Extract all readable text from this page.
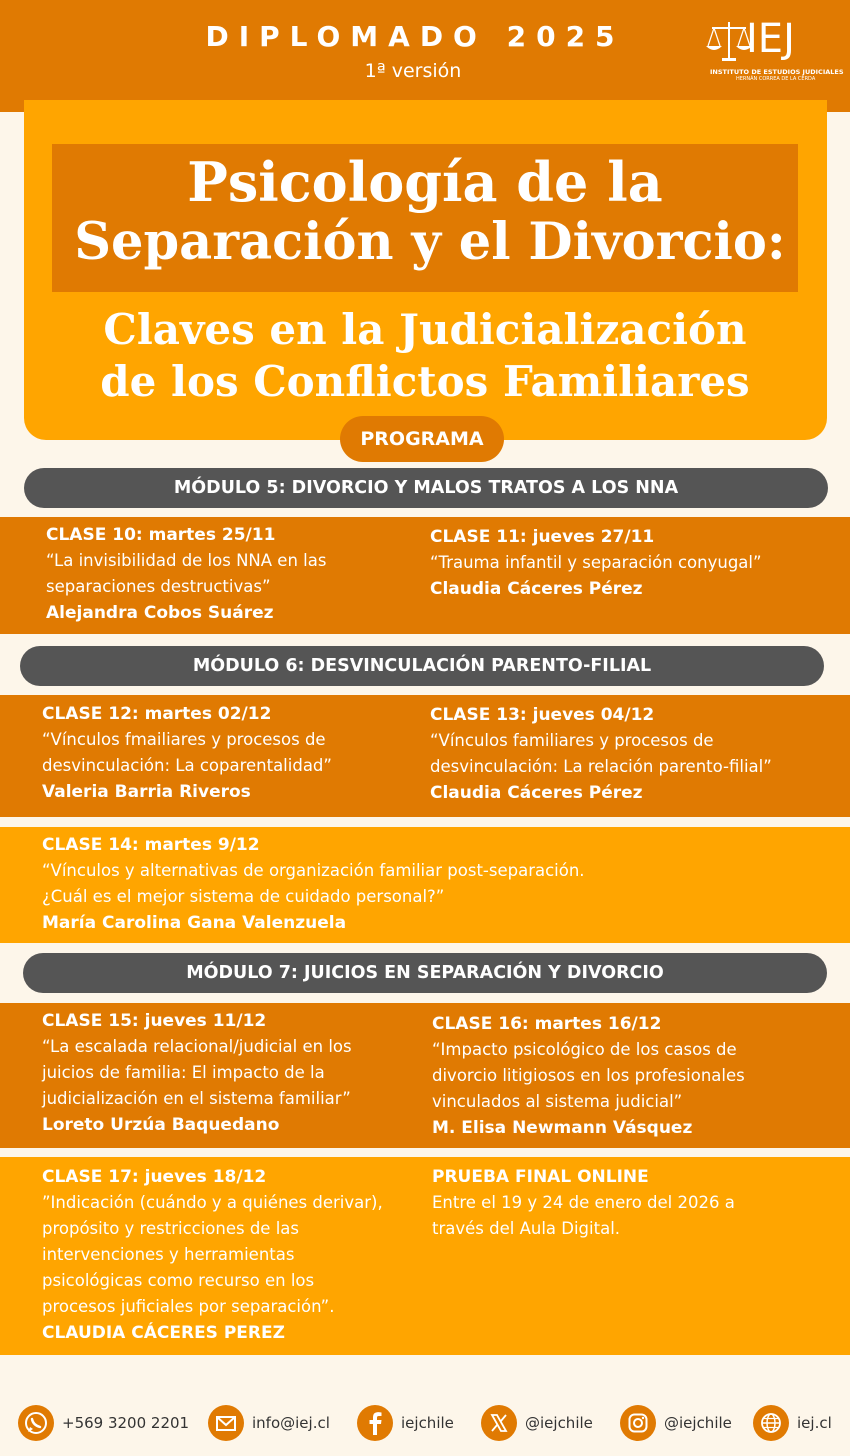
DIPLOMADO 2025
1ª versión
IEJ
INSTITUTO DE ESTUDIOS JUDICIALES
HERNÁN CORREA DE LA CERDA
Psicología de la
Separación y el Divorcio:
Claves en la Judicialización
de los Conflictos Familiares
PROGRAMA
MÓDULO 5: DIVORCIO Y MALOS TRATOS A LOS NNA
CLASE 10: martes 25/11
“La invisibilidad de los NNA en las
separaciones destructivas”
Alejandra Cobos Suárez
CLASE 11: jueves 27/11
“Trauma infantil y separación conyugal”
Claudia Cáceres Pérez
MÓDULO 6: DESVINCULACIÓN PARENTO-FILIAL
CLASE 12: martes 02/12
“Vínculos fmailiares y procesos de
desvinculación: La coparentalidad”
Valeria Barria Riveros
CLASE 13: jueves 04/12
“Vínculos familiares y procesos de
desvinculación: La relación parento-filial”
Claudia Cáceres Pérez
CLASE 14: martes 9/12
“Vínculos y alternativas de organización familiar post-separación.
¿Cuál es el mejor sistema de cuidado personal?”
María Carolina Gana Valenzuela
MÓDULO 7: JUICIOS EN SEPARACIÓN Y DIVORCIO
CLASE 15: jueves 11/12
“La escalada relacional/judicial en los
juicios de familia: El impacto de la
judicialización en el sistema familiar”
Loreto Urzúa Baquedano
CLASE 16: martes 16/12
“Impacto psicológico de los casos de
divorcio litigiosos en los profesionales
vinculados al sistema judicial”
M. Elisa Newmann Vásquez
CLASE 17: jueves 18/12
”Indicación (cuándo y a quiénes derivar),
propósito y restricciones de las
intervenciones y herramientas
psicológicas como recurso en los
procesos juficiales por separación”.
CLAUDIA CÁCERES PEREZ
PRUEBA FINAL ONLINE
Entre el 19 y 24 de enero del 2026 a
través del Aula Digital.
+569 3200 2201	info@iej.cl	iejchile	@iejchile	@iejchile	iej.cl
